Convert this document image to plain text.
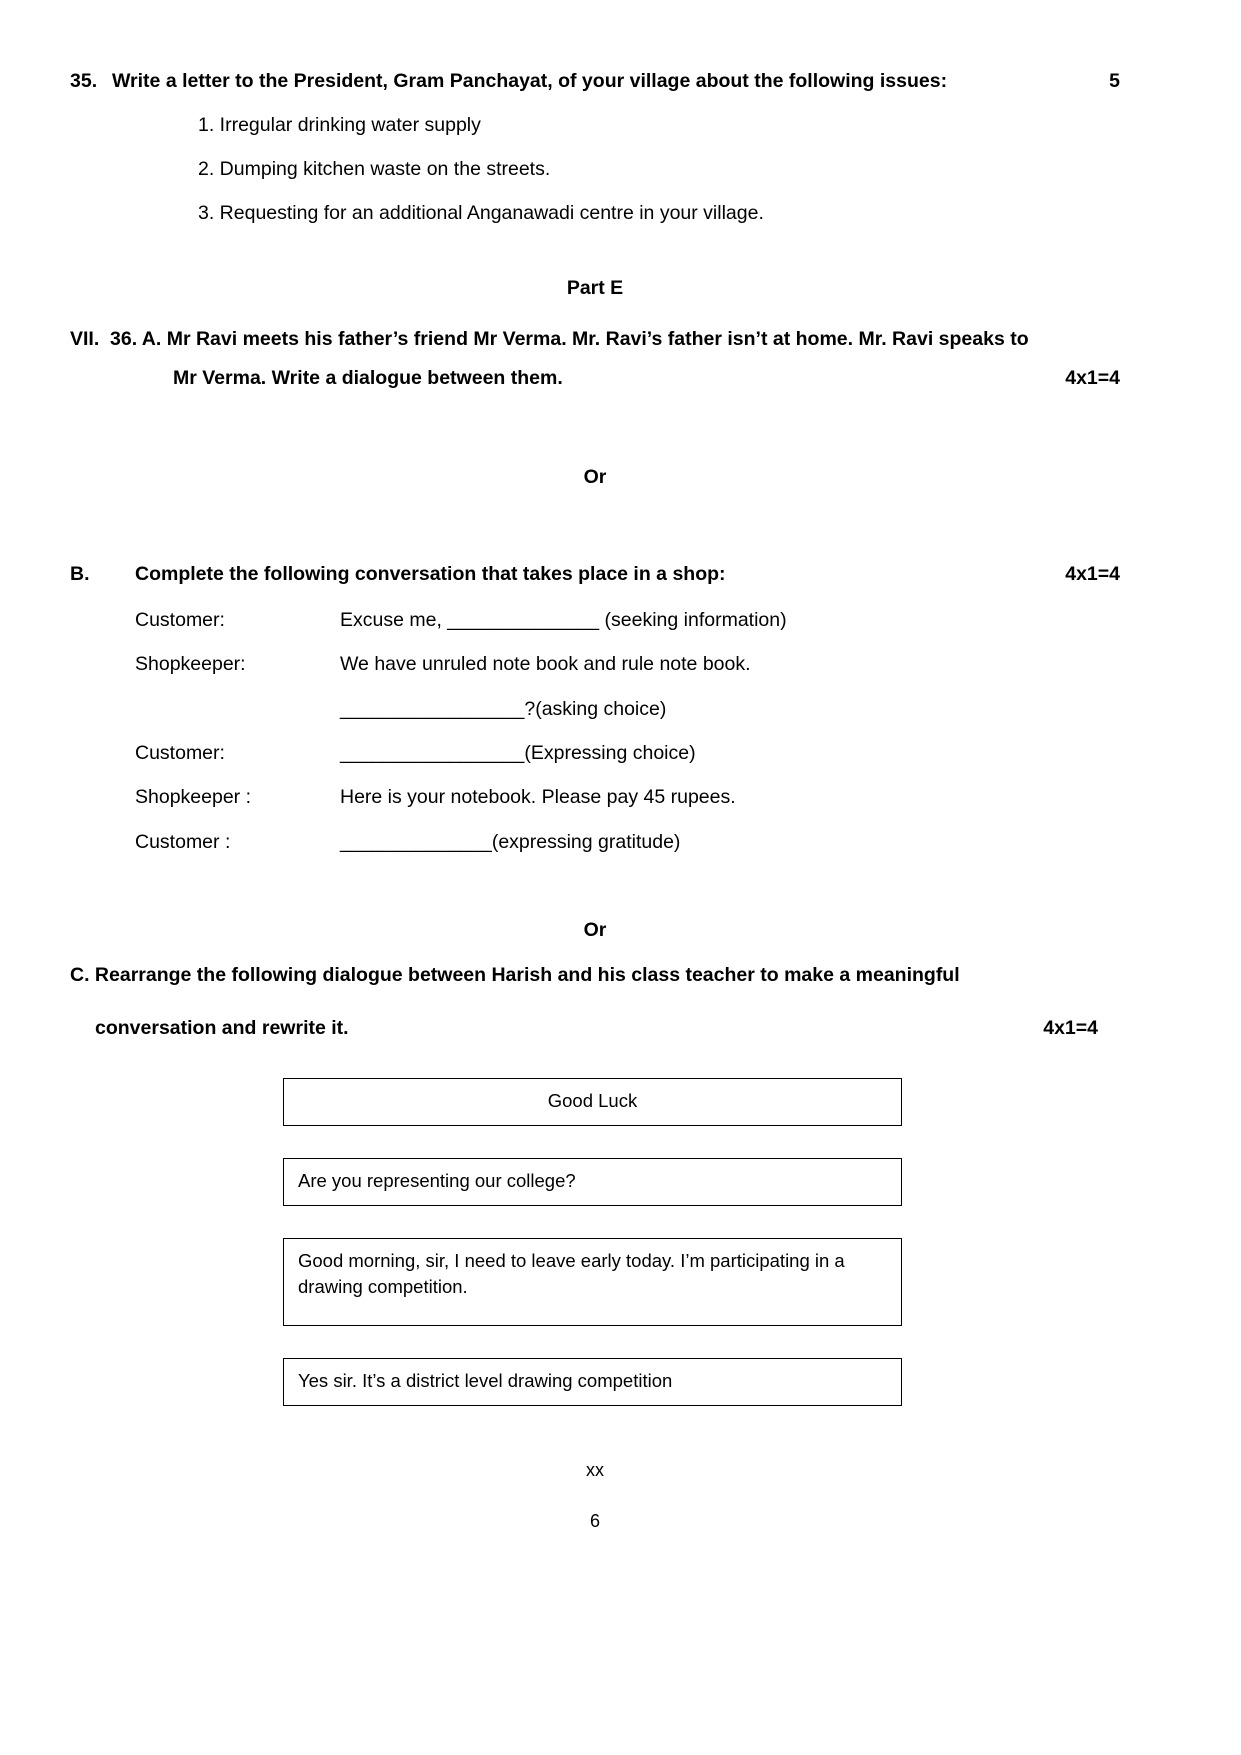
35. Write a letter to the President, Gram Panchayat, of your village about the following issues:	5
1. Irregular drinking water supply
2. Dumping kitchen waste on the streets.
3. Requesting for an additional Anganawadi centre in your village.
Part E
VII. 36. A. Mr Ravi meets his father’s friend Mr Verma. Mr. Ravi’s father isn’t at home. Mr. Ravi speaks to
Mr Verma. Write a dialogue between them.	4x1=4
Or
B.	Complete the following conversation that takes place in a shop:	4x1=4
Customer:	Excuse me, ______________ (seeking information)
Shopkeeper:	We have unruled note book and rule note book.
_________________?(asking choice)
Customer:	_________________(Expressing choice)
Shopkeeper :	Here is your notebook. Please pay 45 rupees.
Customer :	______________(expressing gratitude)
Or
C. Rearrange the following dialogue between Harish and his class teacher to make a meaningful
conversation and rewrite it.	4x1=4
Good Luck
Are you representing our college?
Good morning, sir, I need to leave early today. I’m participating in a drawing competition.
Yes sir. It’s a district level drawing competition
xx
6
